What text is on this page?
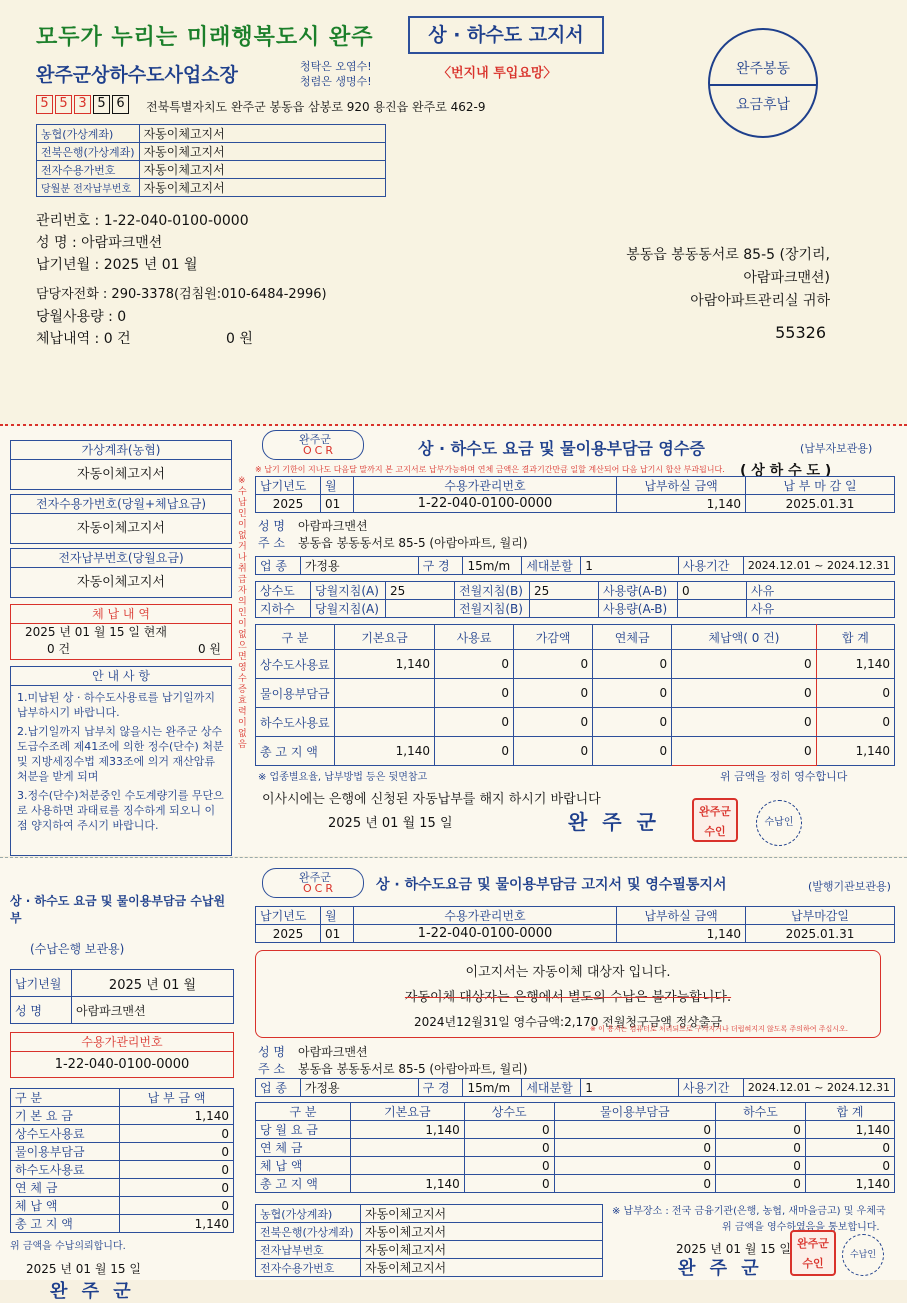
모두가 누리는 미래행복도시 완주
완주군상하수도사업소장	청탁은 오염수!
청렴은 생명수!
상 · 하수도 고지서
〈번지내 투입요망〉	완주봉동
요금후납
5 5 3 5 6	전북특별자치도 완주군 봉동읍 삼봉로 920 용진읍 완주로 462-9
농협(가상계좌)	자동이체고지서
전북은행(가상계좌)	자동이체고지서
전자수용가번호	자동이체고지서
당월분 전자납부번호	자동이체고지서
관리번호 : 1-22-040-0100-0000
성 명 : 아람파크맨션
납기년월 : 2025 년 01 월
담당자전화 : 290-3378(검침원:010-6484-2996)
당월사용량 : 0
체납내역 : 0 건	0 원
봉동읍 봉동동서로 85-5 (장기리,
아람파크맨션)
아람아파트관리실 귀하
55326
가상계좌(농협)
자동이체고지서
전자수용가번호(당월+체납요금)
자동이체고지서
전자납부번호(당월요금)
자동이체고지서
체 납 내 역
2025 년 01 월 15 일 현재
0 건	0 원
안 내 사 항
1.미납된 상 · 하수도사용료를 납기일까지 납부하시기 바랍니다.
2.납기일까지 납부치 않을시는 완주군 상수도급수조례 제41조에 의한 정수(단수) 처분 및 지방세징수법 제33조에 의거 재산압류처분을 받게 되며
3.정수(단수)처분중인 수도계량기를 무단으로 사용하면 과태료를 징수하게 되오니 이점 양지하여 주시기 바랍니다.
※ 수납인이 없거나 취급자의 인이 없으면 영수증 효력이 없음
완주군
OCR	상 · 하수도 요금 및 물이용부담금 영수증	(납부자보관용)
※ 납기 기한이 지나도 다음달 말까지 본 고지서로 납부가능하며 연체 금액은 결과기간만큼 일할 계산되어 다음 납기시 합산 부과됩니다.	( 상 하 수 도 )
납기년도	월	수용가관리번호	납부하실 금액	납 부 마 감 일
2025	01	1-22-040-0100-0000	1,140	2025.01.31
성 명 아람파크맨션
주 소 봉동읍 봉동동서로 85-5 (아람아파트, 월리)
업 종	가정용	구 경	15m/m	세대분할	1	사용기간	2024.12.01 ~ 2024.12.31
상수도	당월지침(A)	25	전월지침(B)	25	사용량(A-B)	0	사유
지하수	당월지침(A)		전월지침(B)		사용량(A-B)		사유
구 분	기본요금	사용료	가감액	연체금	체납액( 0 건)	합 계
상수도사용료	1,140	0	0	0	0	1,140
물이용부담금		0	0	0	0	0
하수도사용료		0	0	0	0	0
총 고 지 액	1,140	0	0	0	0	1,140
※ 업종별요율, 납부방법 등은 뒷면참고	위 금액을 정히 영수합니다
이사시에는 은행에 신청된 자동납부를 해지 하시기 바랍니다
2025 년 01 월 15 일	완 주 군	완주군수인
수납인
상 · 하수도 요금 및 물이용부담금 수납원부
(수납은행 보관용)
납기년월	2025 년 01 월
성 명	아람파크맨션
수용가관리번호
1-22-040-0100-0000
구 분	납 부 금 액
기 본 요 금	1,140
상수도사용료	0
물이용부담금	0
하수도사용료	0
연 체 금	0
체 납 액	0
총 고 지 액	1,140
위 금액을 수납의뢰합니다.
2025 년 01 월 15 일
완 주 군
완주군
OCR	상 · 하수도요금 및 물이용부담금 고지서 및 영수필통지서	(발행기관보관용)
납기년도	월	수용가관리번호	납부하실 금액	납부마감일
2025	01	1-22-040-0100-0000	1,140	2025.01.31
이고지서는 자동이체 대상자 입니다.
자동이체 대상자는 은행에서 별도의 수납은 불가능합니다.
2024년12월31일 영수금액:2,170 전월청구금액 정상출금
※ 이 용지는 컴퓨터로 처리되므로 구겨지거나 더럽혀지지 않도록 주의하여 주십시오.
성 명 아람파크맨션
주 소 봉동읍 봉동동서로 85-5 (아람아파트, 월리)
업 종	가정용	구 경	15m/m	세대분할	1	사용기간	2024.12.01 ~ 2024.12.31
구 분	기본요금	상수도	물이용부담금	하수도	합 계
당 월 요 금	1,140	0	0	0	1,140
연 체 금		0	0	0	0
체 납 액		0	0	0	0
총 고 지 액	1,140	0	0	0	1,140
농협(가상계좌)	자동이체고지서
전북은행(가상계좌)	자동이체고지서
전자납부번호	자동이체고지서
전자수용가번호	자동이체고지서
※ 납부장소 : 전국 금융기관(은행, 농협, 새마을금고) 및 우체국
위 금액을 영수하였음을 통보합니다.
2025 년 01 월 15 일
완 주 군
완주군수인
수납인
